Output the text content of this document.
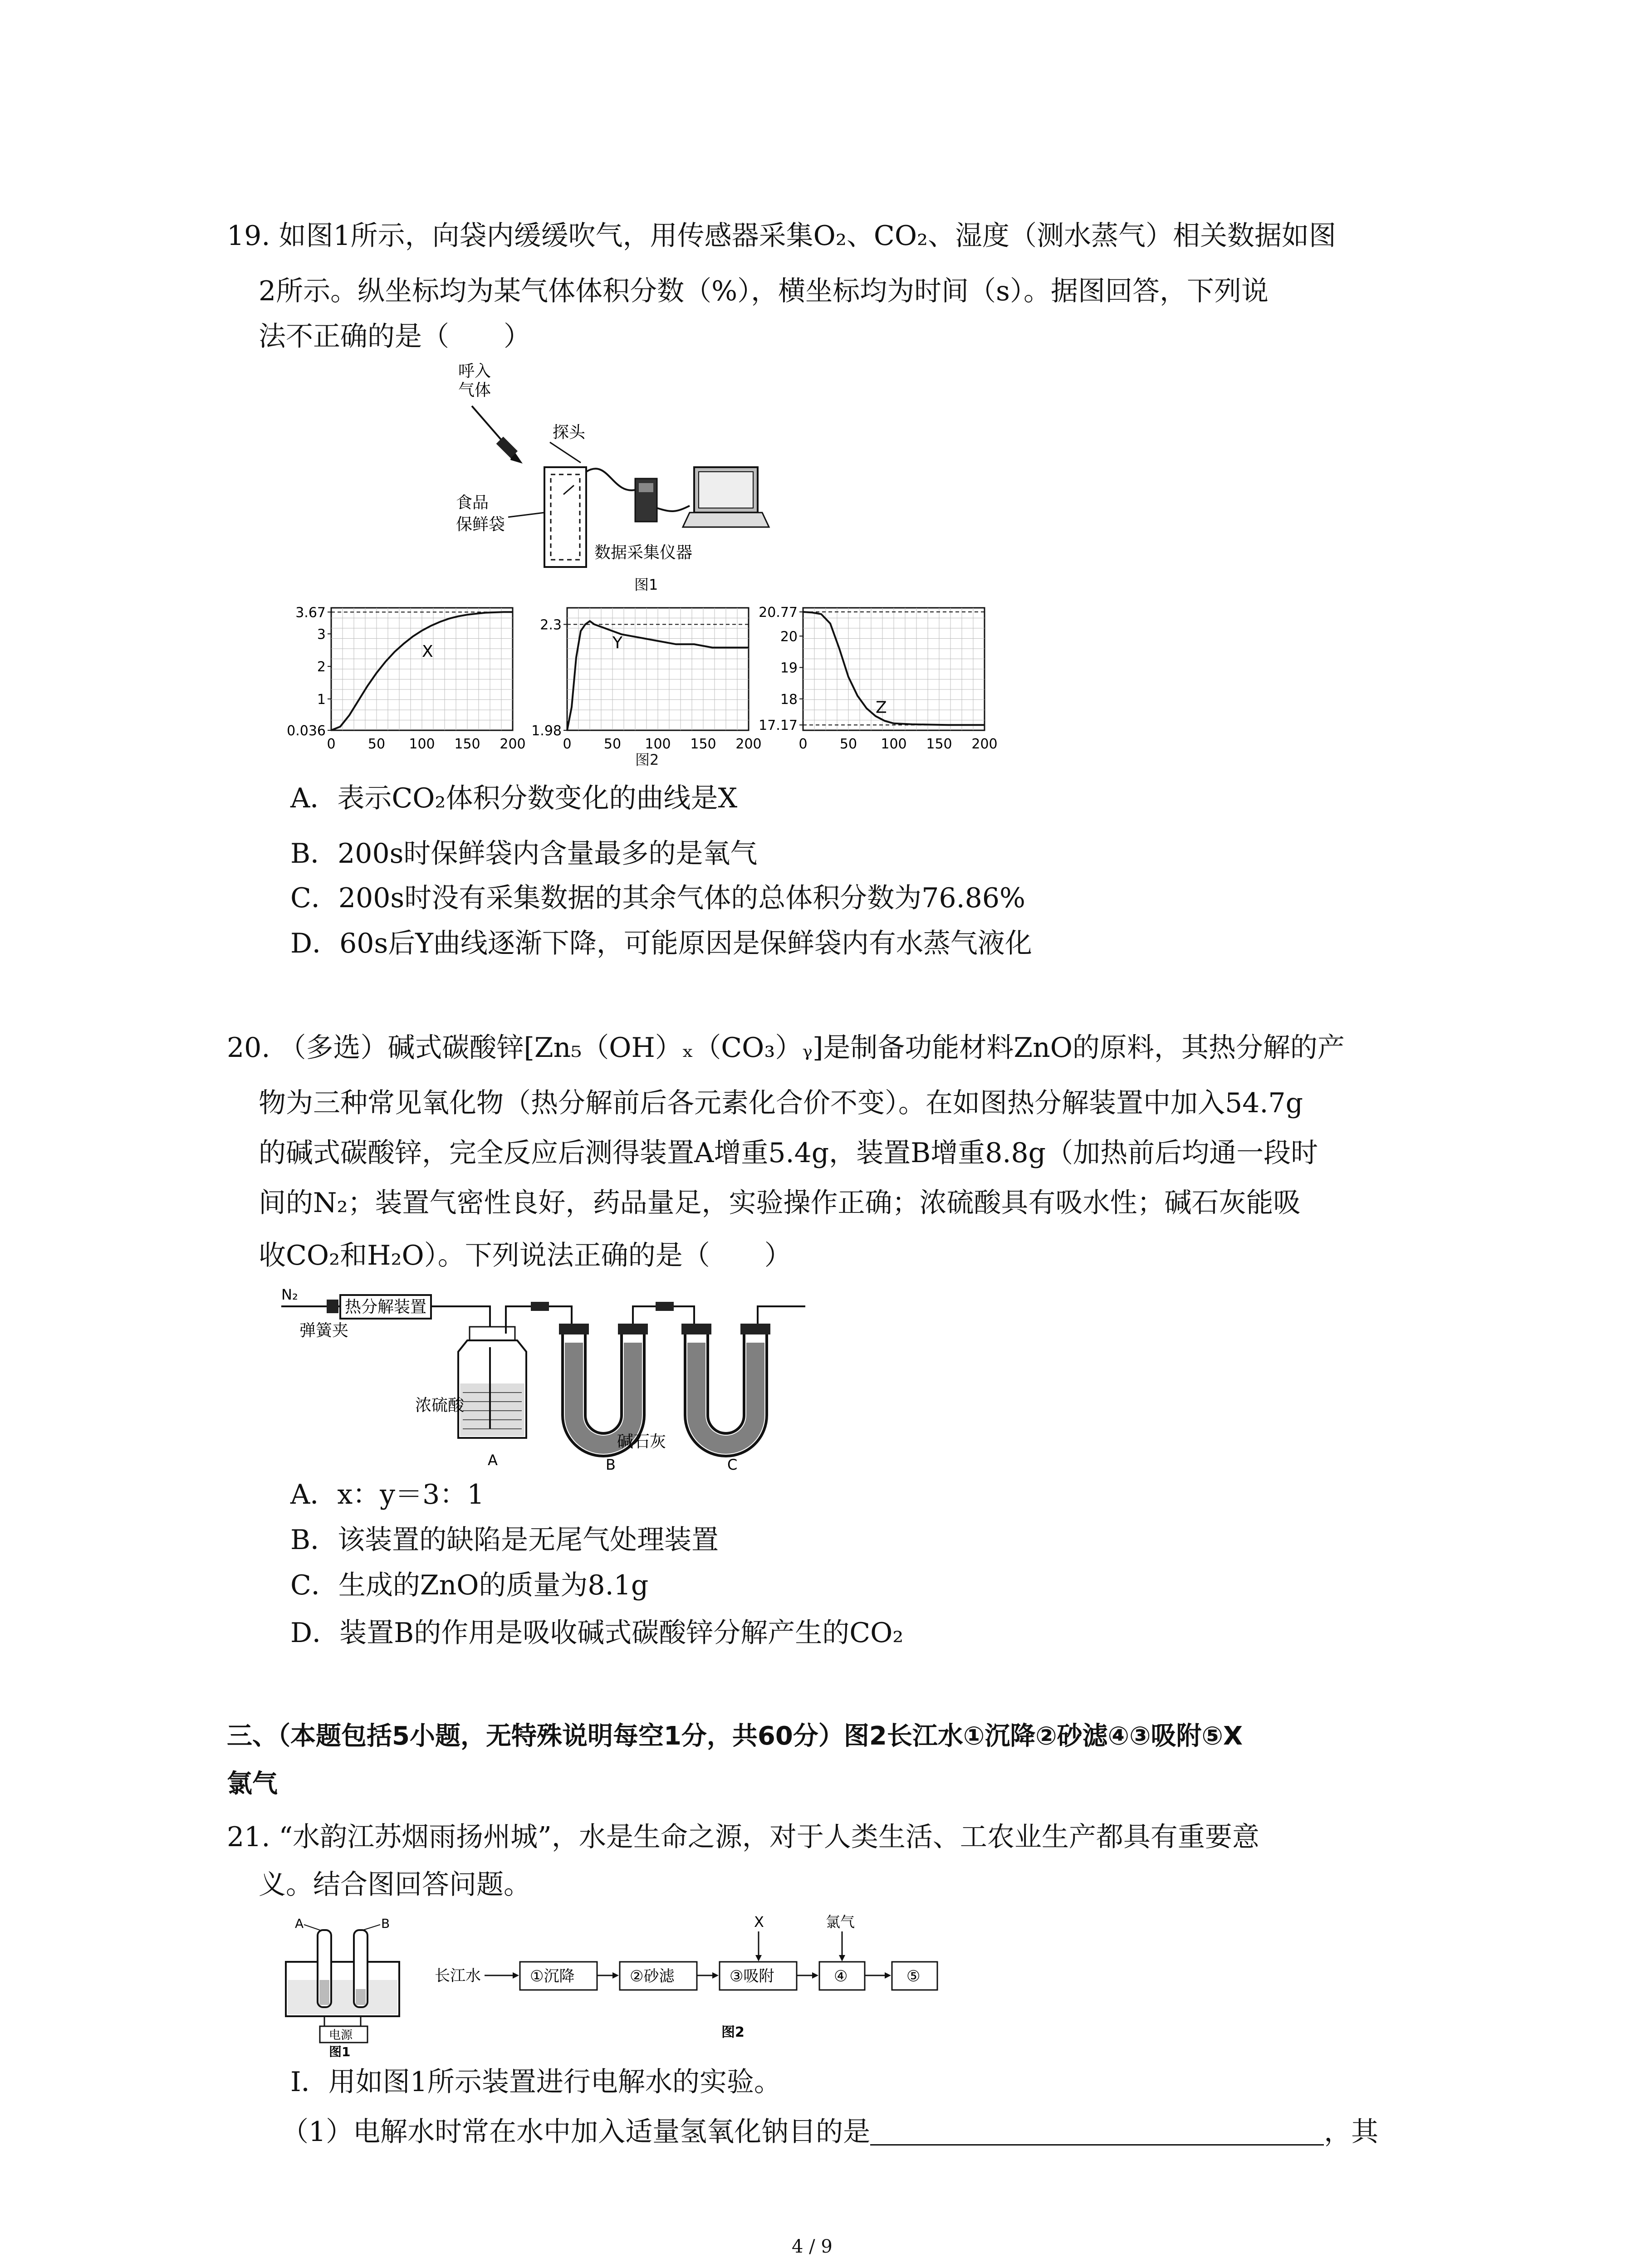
19. 如图1所示，向袋内缓缓吹气，用传感器采集O₂、CO₂、湿度（测水蒸气）相关数据如图
2所示。纵坐标均为某气体体积分数（%），横坐标均为时间（s）。据图回答，下列说
法不正确的是（　　）
呼入
气体
探头
食品
保鲜袋
数据采集仪器
图1
0.036
1
2
3
3.67
0 50 100 150 200
X
1.98
2.3
0 50 100 150 200
Y
17.17
18
19
20
20.77
0 50 100 150 200
Z
图2
A．表示CO₂体积分数变化的曲线是X
B．200s时保鲜袋内含量最多的是氧气
C．200s时没有采集数据的其余气体的总体积分数为76.86%
D．60s后Y曲线逐渐下降，可能原因是保鲜袋内有水蒸气液化
20. （多选）碱式碳酸锌[Zn₅（OH）ₓ（CO₃）ᵧ]是制备功能材料ZnO的原料，其热分解的产
物为三种常见氧化物（热分解前后各元素化合价不变）。在如图热分解装置中加入54.7g
的碱式碳酸锌，完全反应后测得装置A增重5.4g，装置B增重8.8g（加热前后均通一段时
间的N₂；装置气密性良好，药品量足，实验操作正确；浓硫酸具有吸水性；碱石灰能吸
收CO₂和H₂O）。下列说法正确的是（　　）
N₂
热分解装置
弹簧夹
浓硫酸
A
碱石灰
B	C
A．x：y＝3：1
B．该装置的缺陷是无尾气处理装置
C．生成的ZnO的质量为8.1g
D．装置B的作用是吸收碱式碳酸锌分解产生的CO₂
三、（本题包括5小题，无特殊说明每空1分，共60分）图2长江水①沉降②砂滤④③吸附⑤X
氯气
21. “水韵江苏烟雨扬州城”，水是生命之源，对于人类生活、工农业生产都具有重要意
义。结合图回答问题。
A	B
电源
图1
长江水	①沉降	②砂滤	③吸附
X
④
氯气
⑤
图2
Ⅰ．用如图1所示装置进行电解水的实验。
（1）电解水时常在水中加入适量氢氧化钠目的是	，其
4 / 9
